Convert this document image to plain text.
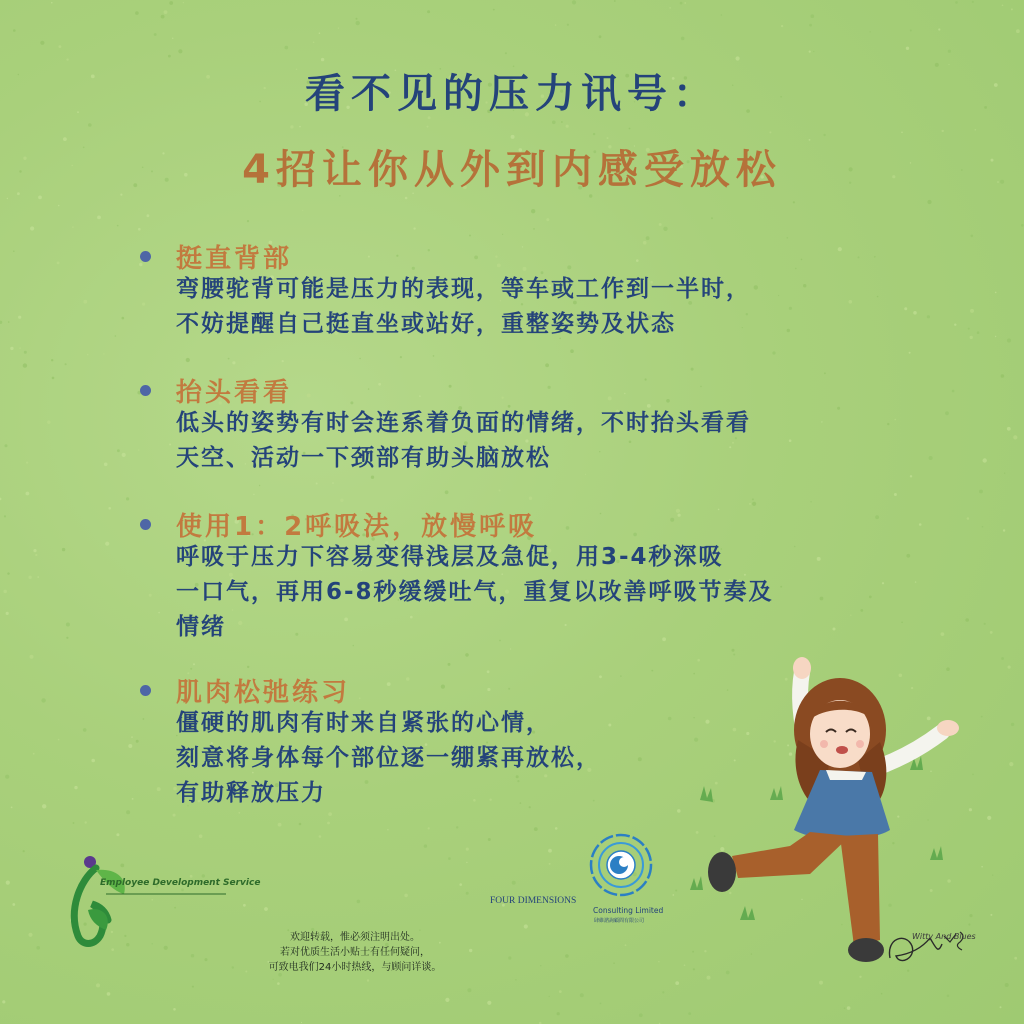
看不见的压力讯号：
4招让你从外到内感受放松
挺直背部
弯腰驼背可能是压力的表现，等车或工作到一半时，
不妨提醒自己挺直坐或站好，重整姿势及状态
抬头看看
低头的姿势有时会连系着负面的情绪，不时抬头看看
天空、活动一下颈部有助头脑放松
使用1：2呼吸法，放慢呼吸
呼吸于压力下容易变得浅层及急促，用3-4秒深吸
一口气，再用6-8秒缓缓吐气，重复以改善呼吸节奏及
情绪
肌肉松弛练习
僵硬的肌肉有时来自紧张的心情，
刻意将身体每个部位逐一绷紧再放松，
有助释放压力
Employee Development Service
FOUR DIMENSIONS
Consulting Limited
肆維諮詢顧問有限公司
欢迎转载，惟必须注明出处。
若对优质生活小贴士有任何疑问，
可致电我们24小时热线，与顾问详谈。
Witty And Blues
